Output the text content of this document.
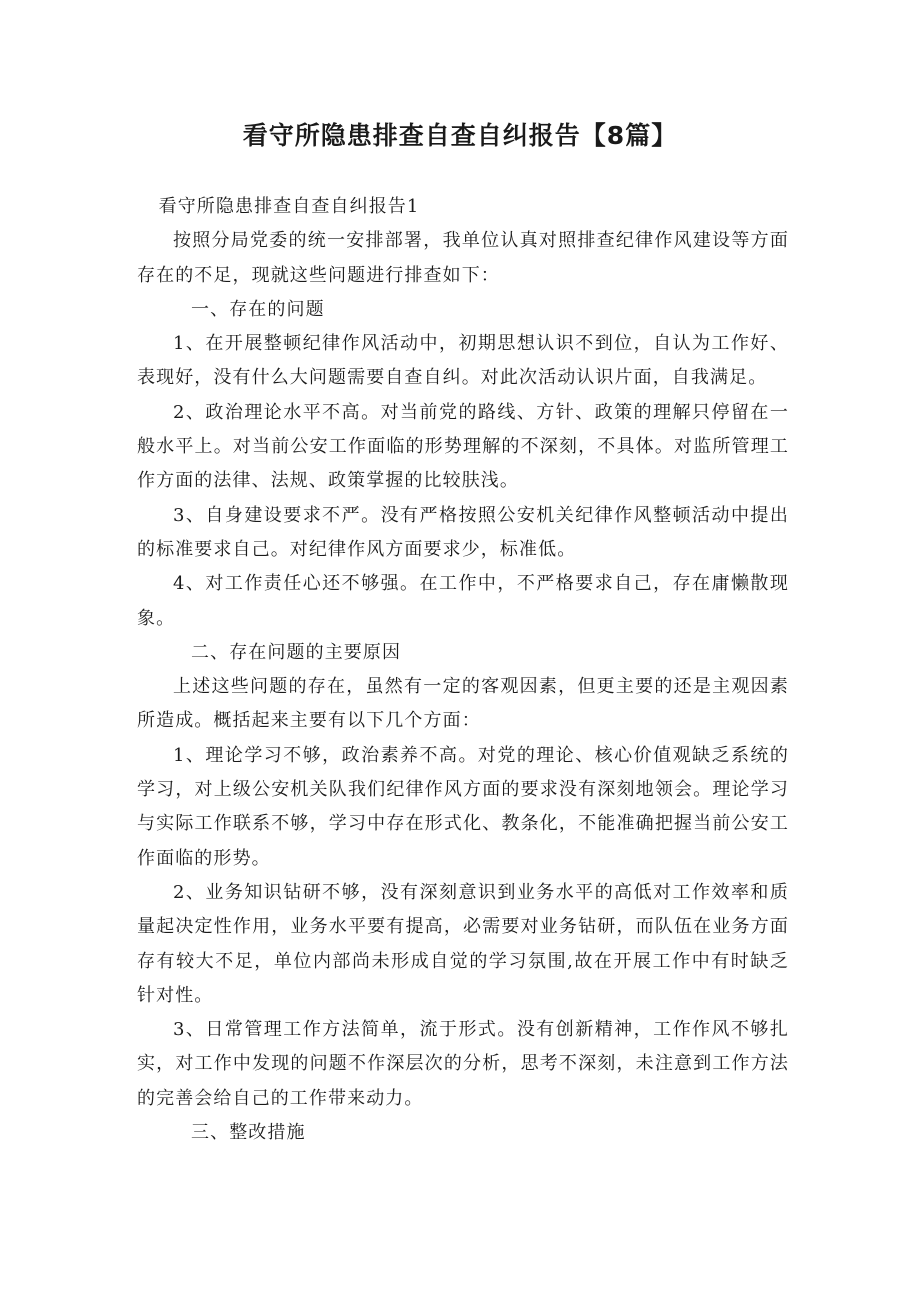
看守所隐患排查自查自纠报告【8篇】

看守所隐患排查自查自纠报告1

按照分局党委的统一安排部署，我单位认真对照排查纪律作风建设等方面存在的不足，现就这些问题进行排查如下：

一、存在的问题

1、在开展整顿纪律作风活动中，初期思想认识不到位，自认为工作好、表现好，没有什么大问题需要自查自纠。对此次活动认识片面，自我满足。

2、政治理论水平不高。对当前党的路线、方针、政策的理解只停留在一般水平上。对当前公安工作面临的形势理解的不深刻，不具体。对监所管理工作方面的法律、法规、政策掌握的比较肤浅。

3、自身建设要求不严。没有严格按照公安机关纪律作风整顿活动中提出的标准要求自己。对纪律作风方面要求少，标准低。

4、对工作责任心还不够强。在工作中，不严格要求自己，存在庸懒散现象。

二、存在问题的主要原因

上述这些问题的存在，虽然有一定的客观因素，但更主要的还是主观因素所造成。概括起来主要有以下几个方面：

1、理论学习不够，政治素养不高。对党的理论、核心价值观缺乏系统的学习，对上级公安机关队我们纪律作风方面的要求没有深刻地领会。理论学习与实际工作联系不够，学习中存在形式化、教条化，不能准确把握当前公安工作面临的形势。

2、业务知识钻研不够，没有深刻意识到业务水平的高低对工作效率和质量起决定性作用，业务水平要有提高，必需要对业务钻研，而队伍在业务方面存有较大不足，单位内部尚未形成自觉的学习氛围,故在开展工作中有时缺乏针对性。

3、日常管理工作方法简单，流于形式。没有创新精神，工作作风不够扎实，对工作中发现的问题不作深层次的分析，思考不深刻，未注意到工作方法的完善会给自己的工作带来动力。

三、整改措施
